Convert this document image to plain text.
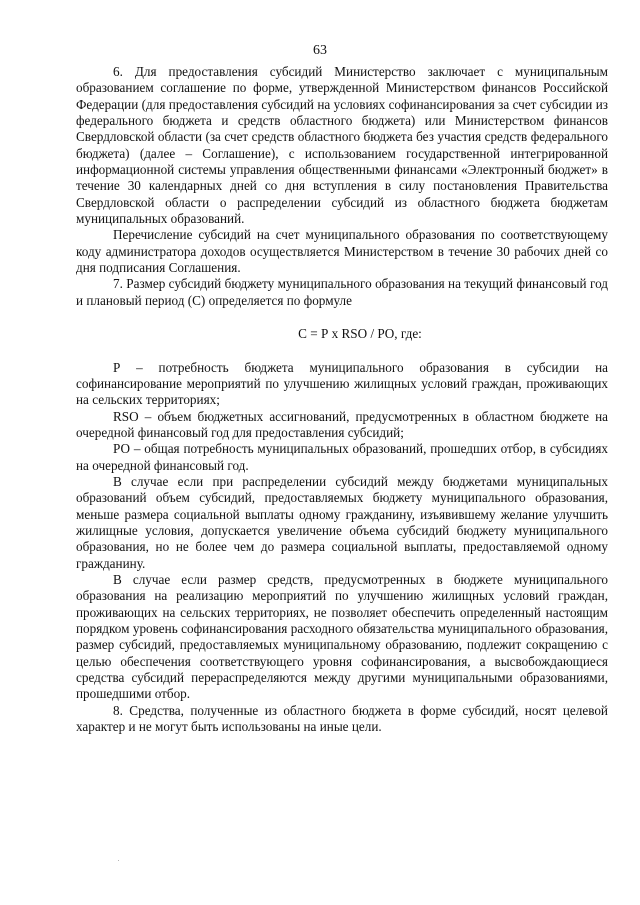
63

6. Для предоставления субсидий Министерство заключает с муниципальным образованием соглашение по форме, утвержденной Министерством финансов Российской Федерации (для предоставления субсидий на условиях софинансирования за счет субсидии из федерального бюджета и средств областного бюджета) или Министерством финансов Свердловской области (за счет средств областного бюджета без участия средств федерального бюджета) (далее – Соглашение), с использованием государственной интегрированной информационной системы управления общественными финансами «Электронный бюджет» в течение 30 календарных дней со дня вступления в силу постановления Правительства Свердловской области о распределении субсидий из областного бюджета бюджетам муниципальных образований.

Перечисление субсидий на счет муниципального образования по соответствующему коду администратора доходов осуществляется Министерством в течение 30 рабочих дней со дня подписания Соглашения.

7. Размер субсидий бюджету муниципального образования на текущий финансовый год и плановый период (С) определяется по формуле

С = Р х RSO / PO, где:

Р – потребность бюджета муниципального образования в субсидии на софинансирование мероприятий по улучшению жилищных условий граждан, проживающих на сельских территориях;

RSO – объем бюджетных ассигнований, предусмотренных в областном бюджете на очередной финансовый год для предоставления субсидий;

РО – общая потребность муниципальных образований, прошедших отбор, в субсидиях на очередной финансовый год.

В случае если при распределении субсидий между бюджетами муниципальных образований объем субсидий, предоставляемых бюджету муниципального образования, меньше размера социальной выплаты одному гражданину, изъявившему желание улучшить жилищные условия, допускается увеличение объема субсидий бюджету муниципального образования, но не более чем до размера социальной выплаты, предоставляемой одному гражданину.

В случае если размер средств, предусмотренных в бюджете муниципального образования на реализацию мероприятий по улучшению жилищных условий граждан, проживающих на сельских территориях, не позволяет обеспечить определенный настоящим порядком уровень софинансирования расходного обязательства муниципального образования, размер субсидий, предоставляемых муниципальному образованию, подлежит сокращению с целью обеспечения соответствующего уровня софинансирования, а высвобождающиеся средства субсидий перераспределяются между другими муниципальными образованиями, прошедшими отбор.

8. Средства, полученные из областного бюджета в форме субсидий, носят целевой характер и не могут быть использованы на иные цели.
